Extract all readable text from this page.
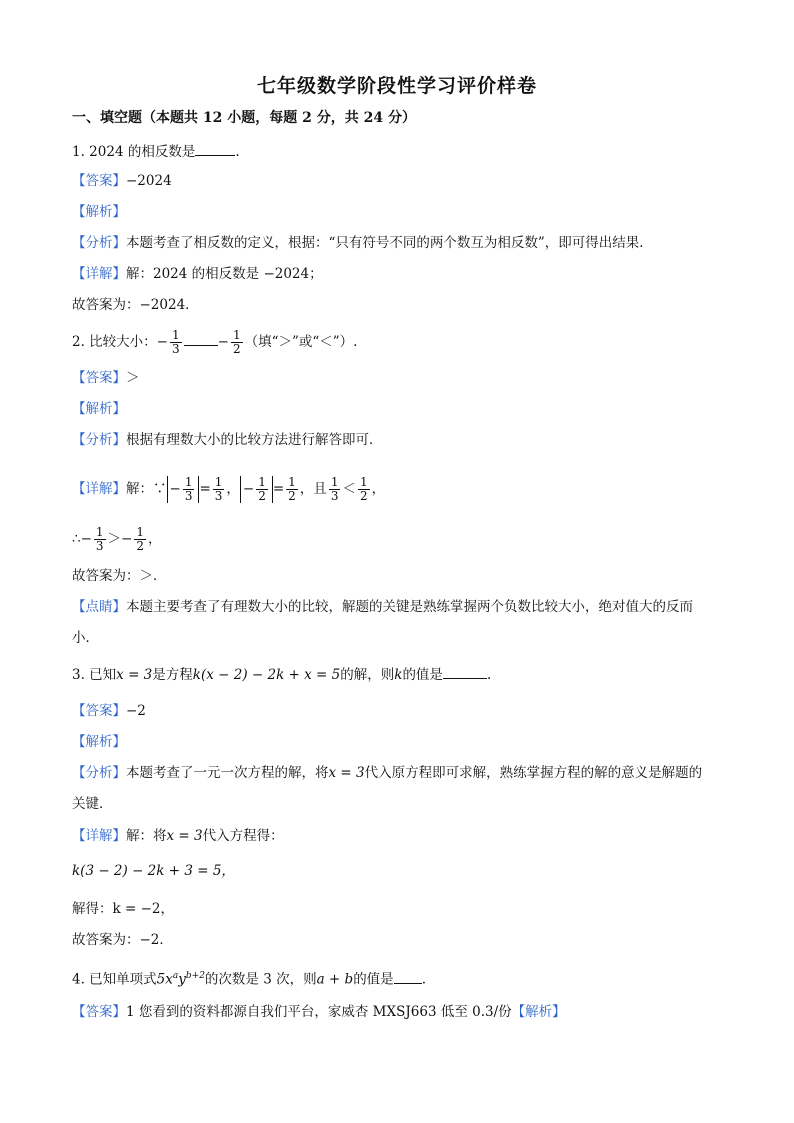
七年级数学阶段性学习评价样卷
一、填空题（本题共 12 小题，每题 2 分，共 24 分）
1. 2024 的相反数是	.
【答案】−2024
【解析】
【分析】本题考查了相反数的定义，根据：“只有符号不同的两个数互为相反数”，即可得出结果．
【详解】解：2024 的相反数是 −2024；
故答案为：−2024．
2. 比较大小：− $\frac{1}{3}$	− $\frac{1}{2}$ （填“＞”或“＜”）.
【答案】＞
【解析】
【分析】根据有理数大小的比较方法进行解答即可．
【详解】解：∵ − $\frac{1}{3} = \frac{1}{3}$ ， − $\frac{1}{2} = \frac{1}{2}$ ，且 $\frac{1}{3} < \frac{1}{2}$ ，
∴− $\frac{1}{3} >- \frac{1}{2}$ ，
故答案为：＞．
【点睛】本题主要考查了有理数大小的比较，解题的关键是熟练掌握两个负数比较大小，绝对值大的反而
小．
3. 已知x = 3是方程k(x − 2) − 2k + x = 5的解，则k的值是	.
【答案】−2
【解析】
【分析】本题考查了一元一次方程的解，将x = 3代入原方程即可求解，熟练掌握方程的解的意义是解题的
关键．
【详解】解：将x = 3代入方程得：
k(3 − 2) − 2k + 3 = 5，
解得：k = −2，
故答案为：−2．
4. 已知单项式$5x^ay^{b+2}$的次数是 3 次，则a + b的值是 .
【答案】1 您看到的资料都源自我们平台，家威杏 MXSJ663 低至 0.3/份【解析】
